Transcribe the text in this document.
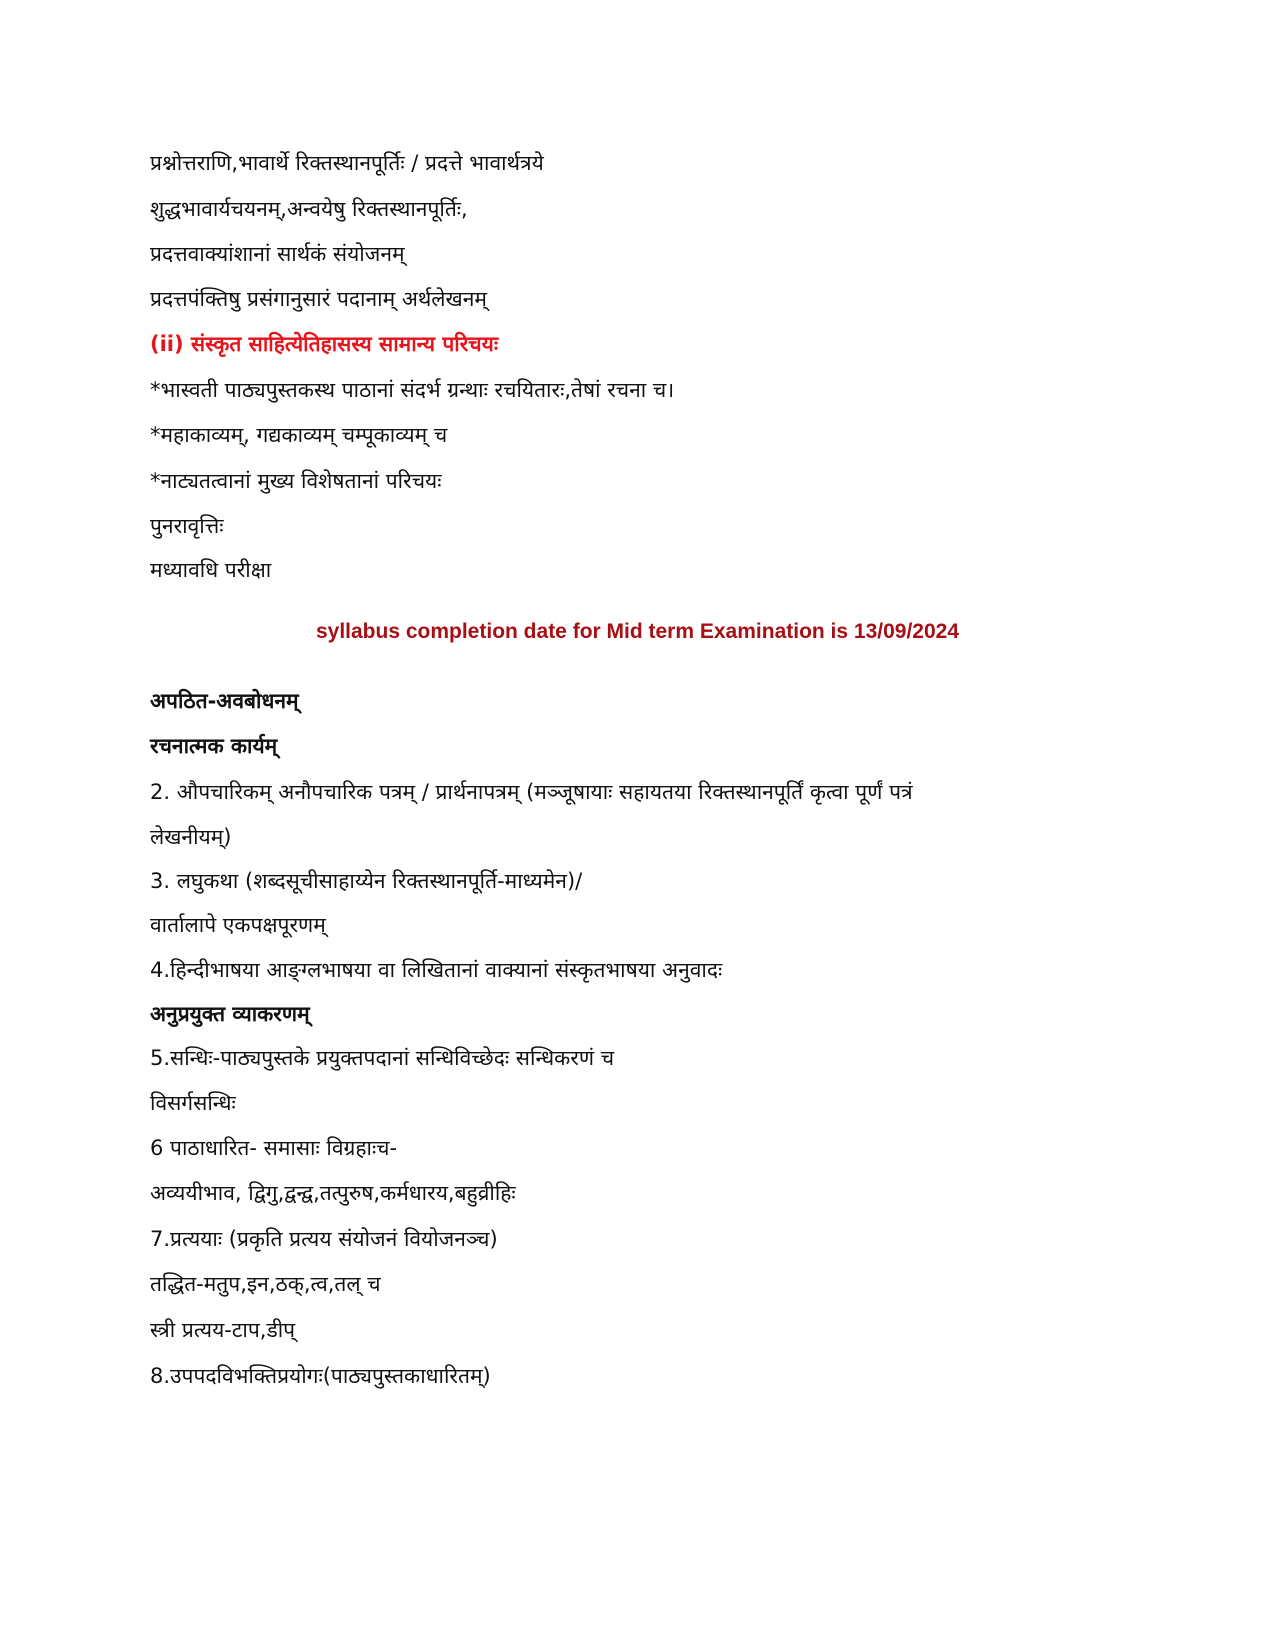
प्रश्नोत्तराणि,भावार्थे रिक्तस्थानपूर्तिः / प्रदत्ते भावार्थत्रये
शुद्धभावार्यचयनम्,अन्वयेषु रिक्तस्थानपूर्तिः,
प्रदत्तवाक्यांशानां सार्थकं संयोजनम्
प्रदत्तपंक्तिषु प्रसंगानुसारं पदानाम् अर्थलेखनम्
(ii) संस्कृत साहित्येतिहासस्य सामान्य परिचयः
*भास्वती पाठ्यपुस्तकस्थ पाठानां संदर्भ ग्रन्थाः रचयितारः,तेषां रचना च।
*महाकाव्यम्, गद्यकाव्यम् चम्पूकाव्यम् च
*नाट्यतत्वानां मुख्य विशेषतानां परिचयः
पुनरावृत्तिः
मध्यावधि परीक्षा
syllabus completion date for Mid term Examination is 13/09/2024
अपठित-अवबोधनम्
रचनात्मक कार्यम्
2. औपचारिकम् अनौपचारिक पत्रम् / प्रार्थनापत्रम् (मञ्जूषायाः सहायतया रिक्तस्थानपूर्तिं कृत्वा पूर्णं पत्रं
लेखनीयम्)
3. लघुकथा (शब्दसूचीसाहाय्येन रिक्तस्थानपूर्ति-माध्यमेन)/
वार्तालापे एकपक्षपूरणम्
4.हिन्दीभाषया आङ्ग्लभाषया वा लिखितानां वाक्यानां संस्कृतभाषया अनुवादः
अनुप्रयुक्त व्याकरणम्
5.सन्धिः-पाठ्यपुस्तके प्रयुक्तपदानां सन्धिविच्छेदः सन्धिकरणं च
विसर्गसन्धिः
6 पाठाधारित- समासाः विग्रहाःच-
अव्ययीभाव, द्विगु,द्वन्द्व,तत्पुरुष,कर्मधारय,बहुव्रीहिः
7.प्रत्ययाः (प्रकृति प्रत्यय संयोजनं वियोजनञ्च)
तद्धित-मतुप,इन,ठक्,त्व,तल् च
स्त्री प्रत्यय-टाप,डीप्
8.उपपदविभक्तिप्रयोगः(पाठ्यपुस्तकाधारितम्)
